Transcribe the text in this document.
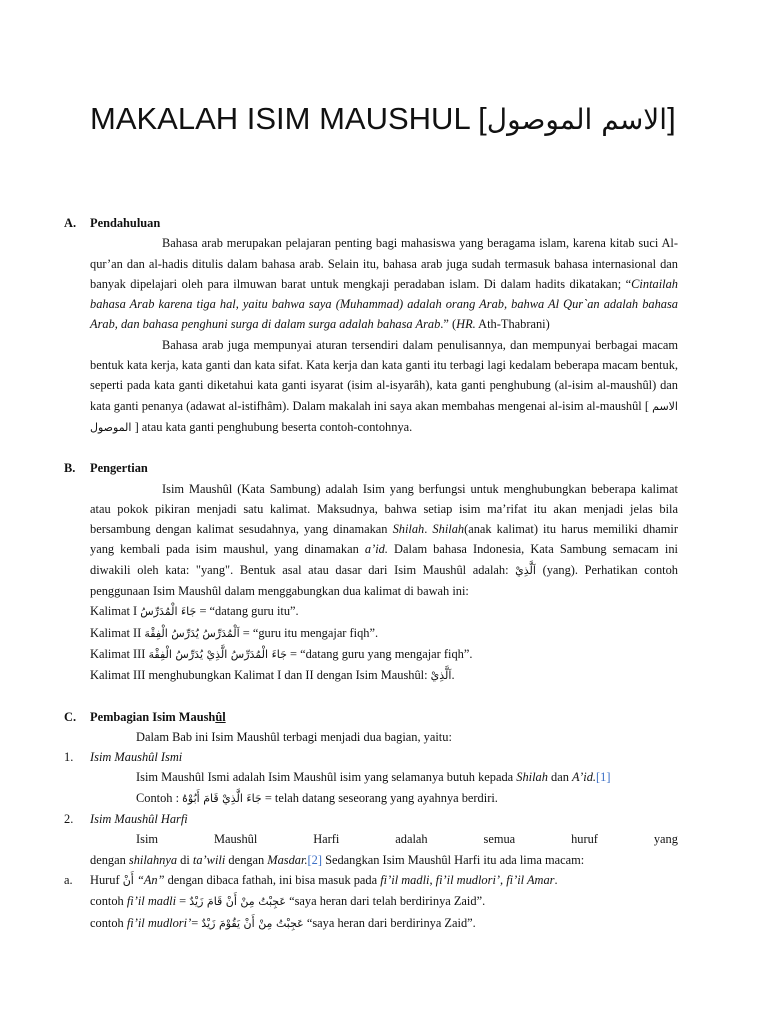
MAKALAH ISIM MAUSHUL [الاسم الموصول]

A. Pendahuluan

Bahasa arab merupakan pelajaran penting bagi mahasiswa yang beragama islam, karena kitab suci Al-qur’an dan al-hadis ditulis dalam bahasa arab. Selain itu, bahasa arab juga sudah termasuk bahasa internasional dan banyak dipelajari oleh para ilmuwan barat untuk mengkaji peradaban islam. Di dalam hadits dikatakan; “Cintailah bahasa Arab karena tiga hal, yaitu bahwa saya (Muhammad) adalah orang Arab, bahwa Al Qur`an adalah bahasa Arab, dan bahasa penghuni surga di dalam surga adalah bahasa Arab.” (HR. Ath-Thabrani)

Bahasa arab juga mempunyai aturan tersendiri dalam penulisannya, dan mempunyai berbagai macam bentuk kata kerja, kata ganti dan kata sifat. Kata kerja dan kata ganti itu terbagi lagi kedalam beberapa macam bentuk, seperti pada kata ganti diketahui kata ganti isyarat (isim al-isyarâh), kata ganti penghubung (al-isim al-maushûl) dan kata ganti penanya (adawat al-istifhâm). Dalam makalah ini saya akan membahas mengenai al-isim al-maushûl [ الاسم الموصول ] atau kata ganti penghubung beserta contoh-contohnya.

B. Pengertian

Isim Maushûl (Kata Sambung) adalah Isim yang berfungsi untuk menghubungkan beberapa kalimat atau pokok pikiran menjadi satu kalimat. Maksudnya, bahwa setiap isim ma’rifat itu akan menjadi jelas bila bersambung dengan kalimat sesudahnya, yang dinamakan Shilah. Shilah(anak kalimat) itu harus memiliki dhamir yang kembali pada isim maushul, yang dinamakan a’id. Dalam bahasa Indonesia, Kata Sambung semacam ini diwakili oleh kata: "yang". Bentuk asal atau dasar dari Isim Maushûl adalah: اَلَّذِيْ (yang). Perhatikan contoh penggunaan Isim Maushûl dalam menggabungkan dua kalimat di bawah ini:

Kalimat I جَاءَ الْمُدَرِّسُ = “datang guru itu”.

Kalimat II اَلْمُدَرِّسُ يُدَرِّسُ الْفِقْهَ = “guru itu mengajar fiqh”.

Kalimat III جَاءَ الْمُدَرِّسُ الَّذِيْ يُدَرِّسُ الْفِقْهَ = “datang guru yang mengajar fiqh”.

Kalimat III menghubungkan Kalimat I dan II dengan Isim Maushûl: اَلَّذِيْ.

C. Pembagian Isim Maushûl

Dalam Bab ini Isim Maushûl terbagi menjadi dua bagian, yaitu:

1. Isim Maushûl Ismi

Isim Maushûl Ismi adalah Isim Maushûl isim yang selamanya butuh kepada Shilah dan A’id.[1]

Contoh : جَاءَ الَّذِيْ قَامَ أَبُوْهُ = telah datang seseorang yang ayahnya berdiri.

2. Isim Maushûl Harfi

Isim	Maushûl	Harfi	adalah	semua	huruf	yang

dengan shilahnya di ta’wili dengan Masdar.[2] Sedangkan Isim Maushûl Harfi itu ada lima macam:

a. Huruf أَنْ “An” dengan dibaca fathah, ini bisa masuk pada fi’il madli, fi’il mudlori’, fi’il Amar.

contoh fi’il madli = عَجِبْتُ مِنْ أَنْ قَامَ زَيْدٌ “saya heran dari telah berdirinya Zaid”.

contoh fi’il mudlori’= عَجِبْتُ مِنْ أَنْ يَقُوْمَ زَيْدٌ “saya heran dari berdirinya Zaid”.
